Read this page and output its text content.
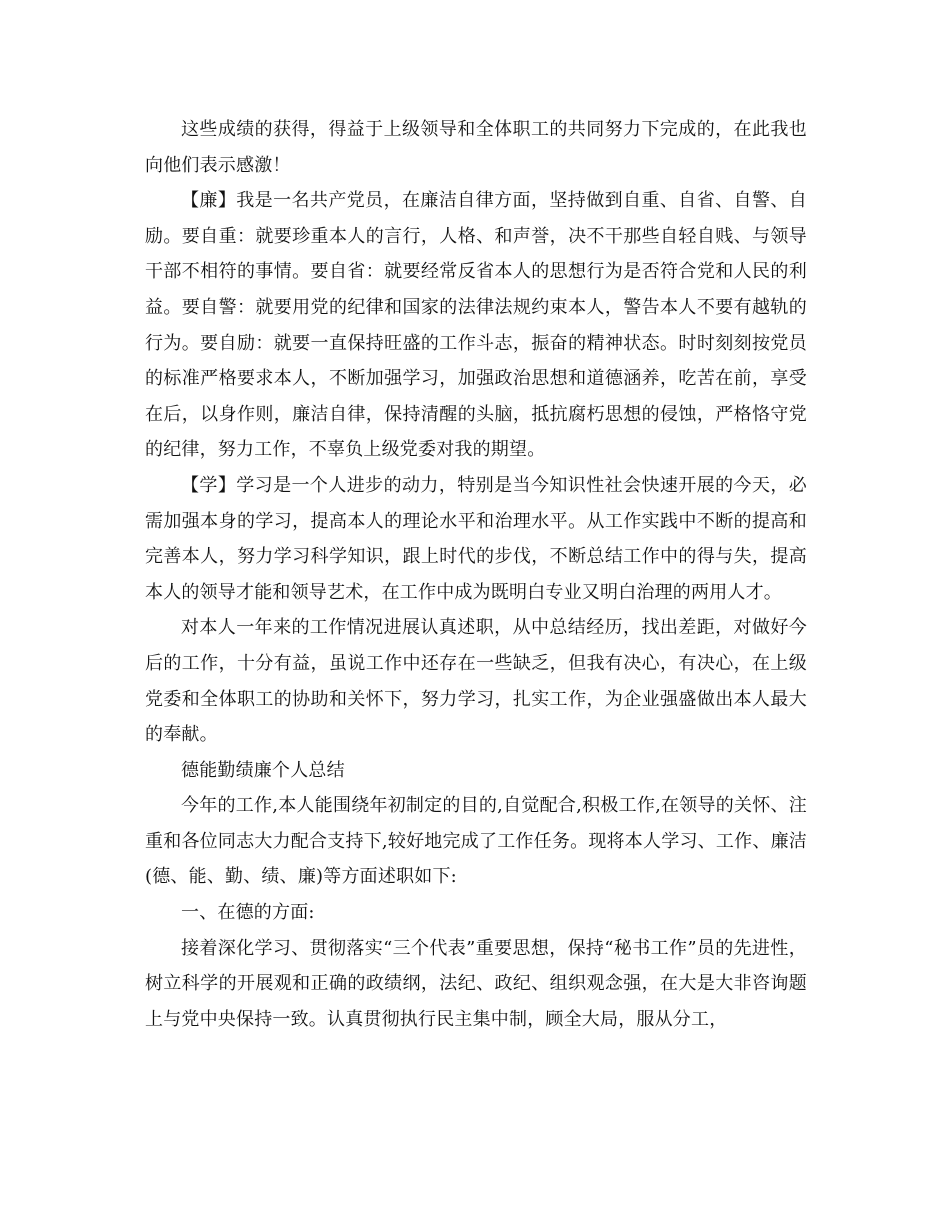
这些成绩的获得，得益于上级领导和全体职工的共同努力下完成的，在此我也向他们表示感激！

【廉】我是一名共产党员，在廉洁自律方面，坚持做到自重、自省、自警、自励。要自重：就要珍重本人的言行，人格、和声誉，决不干那些自轻自贱、与领导干部不相符的事情。要自省：就要经常反省本人的思想行为是否符合党和人民的利益。要自警：就要用党的纪律和国家的法律法规约束本人，警告本人不要有越轨的行为。要自励：就要一直保持旺盛的工作斗志，振奋的精神状态。时时刻刻按党员的标准严格要求本人，不断加强学习，加强政治思想和道德涵养，吃苦在前，享受在后，以身作则，廉洁自律，保持清醒的头脑，抵抗腐朽思想的侵蚀，严格恪守党的纪律，努力工作，不辜负上级党委对我的期望。

【学】学习是一个人进步的动力，特别是当今知识性社会快速开展的今天，必需加强本身的学习，提高本人的理论水平和治理水平。从工作实践中不断的提高和完善本人，努力学习科学知识，跟上时代的步伐，不断总结工作中的得与失，提高本人的领导才能和领导艺术，在工作中成为既明白专业又明白治理的两用人才。

对本人一年来的工作情况进展认真述职，从中总结经历，找出差距，对做好今后的工作，十分有益，虽说工作中还存在一些缺乏，但我有决心，有决心，在上级党委和全体职工的协助和关怀下，努力学习，扎实工作，为企业强盛做出本人最大的奉献。

德能勤绩廉个人总结

今年的工作,本人能围绕年初制定的目的,自觉配合,积极工作,在领导的关怀、注重和各位同志大力配合支持下,较好地完成了工作任务。现将本人学习、工作、廉洁(德、能、勤、绩、廉)等方面述职如下:

一、在德的方面:

接着深化学习、贯彻落实“三个代表”重要思想，保持“秘书工作”员的先进性，树立科学的开展观和正确的政绩纲，法纪、政纪、组织观念强，在大是大非咨询题上与党中央保持一致。认真贯彻执行民主集中制，顾全大局，服从分工，
